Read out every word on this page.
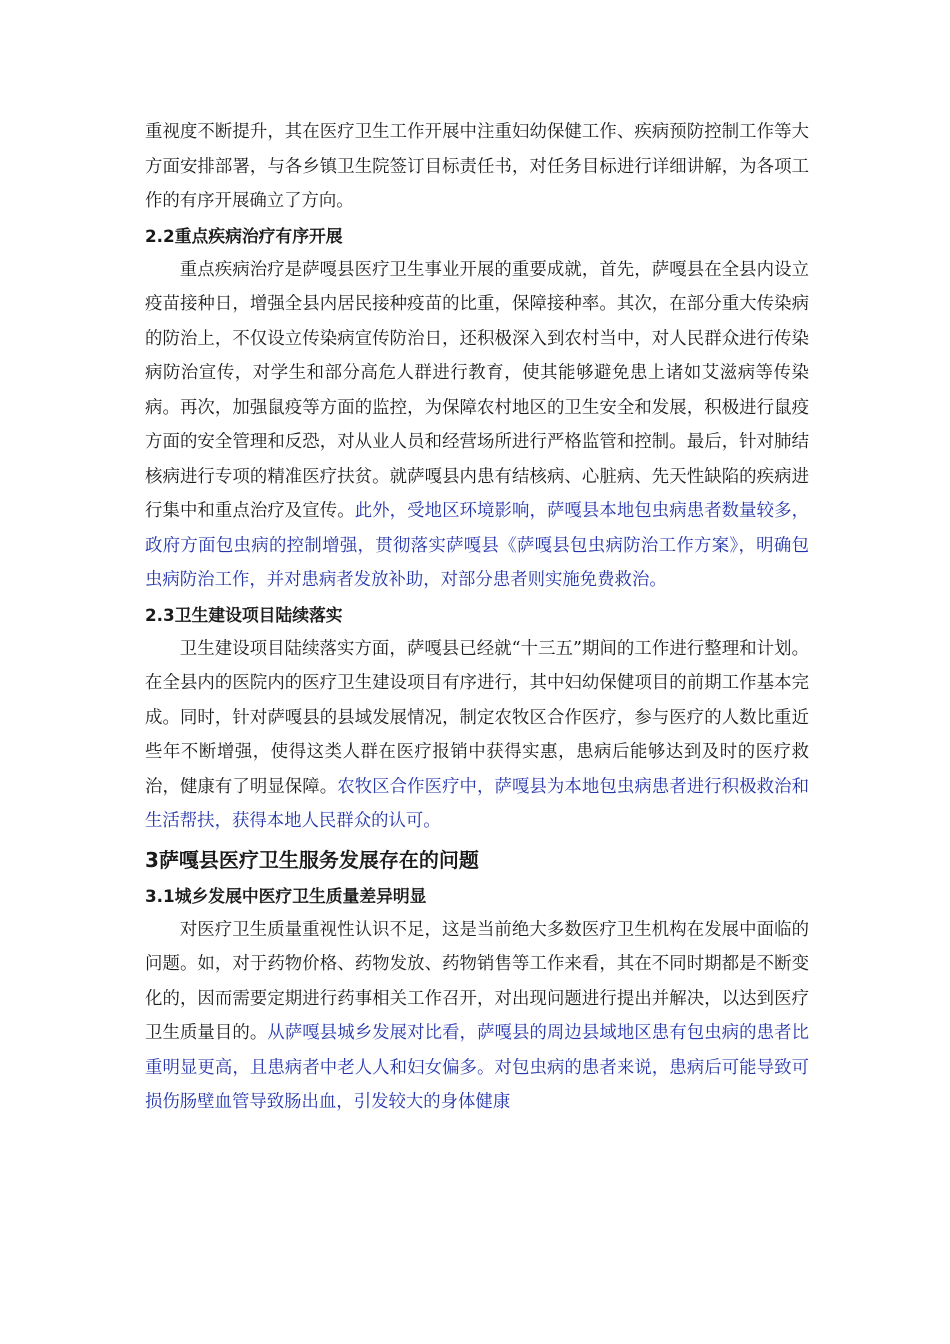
重视度不断提升，其在医疗卫生工作开展中注重妇幼保健工作、疾病预防控制工作等大方面安排部署，与各乡镇卫生院签订目标责任书，对任务目标进行详细讲解，为各项工作的有序开展确立了方向。

2.2重点疾病治疗有序开展

重点疾病治疗是萨嘎县医疗卫生事业开展的重要成就，首先，萨嘎县在全县内设立疫苗接种日，增强全县内居民接种疫苗的比重，保障接种率。其次，在部分重大传染病的防治上，不仅设立传染病宣传防治日，还积极深入到农村当中，对人民群众进行传染病防治宣传，对学生和部分高危人群进行教育，使其能够避免患上诸如艾滋病等传染病。再次，加强鼠疫等方面的监控，为保障农村地区的卫生安全和发展，积极进行鼠疫方面的安全管理和反恐，对从业人员和经营场所进行严格监管和控制。最后，针对肺结核病进行专项的精准医疗扶贫。就萨嘎县内患有结核病、心脏病、先天性缺陷的疾病进行集中和重点治疗及宣传。此外，受地区环境影响，萨嘎县本地包虫病患者数量较多，政府方面包虫病的控制增强，贯彻落实萨嘎县《萨嘎县包虫病防治工作方案》，明确包虫病防治工作，并对患病者发放补助，对部分患者则实施免费救治。

2.3卫生建设项目陆续落实

卫生建设项目陆续落实方面，萨嘎县已经就“十三五”期间的工作进行整理和计划。在全县内的医院内的医疗卫生建设项目有序进行，其中妇幼保健项目的前期工作基本完成。同时，针对萨嘎县的县域发展情况，制定农牧区合作医疗，参与医疗的人数比重近些年不断增强，使得这类人群在医疗报销中获得实惠，患病后能够达到及时的医疗救治，健康有了明显保障。农牧区合作医疗中，萨嘎县为本地包虫病患者进行积极救治和生活帮扶，获得本地人民群众的认可。

3萨嘎县医疗卫生服务发展存在的问题
3.1城乡发展中医疗卫生质量差异明显

对医疗卫生质量重视性认识不足，这是当前绝大多数医疗卫生机构在发展中面临的问题。如，对于药物价格、药物发放、药物销售等工作来看，其在不同时期都是不断变化的，因而需要定期进行药事相关工作召开，对出现问题进行提出并解决，以达到医疗卫生质量目的。从萨嘎县城乡发展对比看，萨嘎县的周边县域地区患有包虫病的患者比重明显更高，且患病者中老人人和妇女偏多。对包虫病的患者来说，患病后可能导致可损伤肠壁血管导致肠出血，引发较大的身体健康
